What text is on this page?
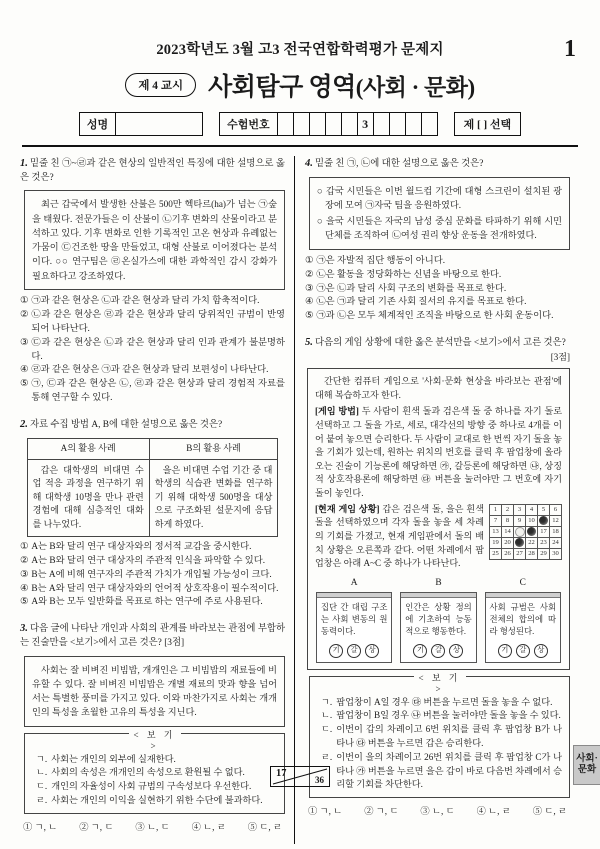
2023학년도 3월 고3 전국연합학력평가 문제지	1
제 4 교시	사회탐구 영역(사회 · 문화)
성명	수험번호	3	제 [ ] 선택
1. 밑줄 친 ㉠~㉣과 같은 현상의 일반적인 특징에 대한 설명으로 옳은 것은?

최근 갑국에서 발생한 산불은 500만 헥타르(ha)가 넘는 ㉠숲을 태웠다. 전문가들은 이 산불이 ㉡기후 변화의 산물이라고 분석하고 있다. 기후 변화로 인한 기록적인 고온 현상과 유례없는 가뭄이 ㉢건조한 땅을 만들었고, 대형 산불로 이어졌다는 분석이다. ○○ 연구팀은 ㉣온실가스에 대한 과학적인 감시 강화가 필요하다고 강조하였다.

① ㉠과 같은 현상은 ㉡과 같은 현상과 달리 가치 함축적이다.
② ㉡과 같은 현상은 ㉣과 같은 현상과 달리 당위적인 규범이 반영되어 나타난다.
③ ㉢과 같은 현상은 ㉡과 같은 현상과 달리 인과 관계가 불분명하다.
④ ㉣과 같은 현상은 ㉠과 같은 현상과 달리 보편성이 나타난다.
⑤ ㉠, ㉢과 같은 현상은 ㉡, ㉣과 같은 현상과 달리 경험적 자료를 통해 연구할 수 있다.
2. 자료 수집 방법 A, B에 대한 설명으로 옳은 것은?
A의 활용 사례	B의 활용 사례
갑은 대학생의 비대면 수업 적응 과정을 연구하기 위해 대학생 10명을 만나 관련 경험에 대해 심층적인 대화를 나누었다.	을은 비대면 수업 기간 중 대학생의 식습관 변화를 연구하기 위해 대학생 500명을 대상으로 구조화된 설문지에 응답하게 하였다.
① A는 B와 달리 연구 대상자와의 정서적 교감을 중시한다.
② A는 B와 달리 연구 대상자의 주관적 인식을 파악할 수 있다.
③ B는 A에 비해 연구자의 주관적 가치가 개입될 가능성이 크다.
④ B는 A와 달리 연구 대상자와의 언어적 상호작용이 필수적이다.
⑤ A와 B는 모두 일반화를 목표로 하는 연구에 주로 사용된다.
3. 다음 글에 나타난 개인과 사회의 관계를 바라보는 관점에 부합하는 진술만을 <보기>에서 고른 것은? [3점]

사회는 잘 비벼진 비빔밥, 개개인은 그 비빔밥의 재료들에 비유할 수 있다. 잘 비벼진 비빔밥은 개별 재료의 맛과 향을 넘어서는 특별한 풍미를 가지고 있다. 이와 마찬가지로 사회는 개개인의 특성을 초월한 고유의 특성을 지닌다.

< 보 기 >
ㄱ. 사회는 개인의 외부에 실재한다.
ㄴ. 사회의 속성은 개개인의 속성으로 환원될 수 없다.
ㄷ. 개인의 자율성이 사회 규범의 구속성보다 우선한다.
ㄹ. 사회는 개인의 이익을 실현하기 위한 수단에 불과하다.
① ㄱ, ㄴ ② ㄱ, ㄷ ③ ㄴ, ㄷ ④ ㄴ, ㄹ ⑤ ㄷ, ㄹ
4. 밑줄 친 ㉠, ㉡에 대한 설명으로 옳은 것은?

○ 갑국 시민들은 이번 월드컵 기간에 대형 스크린이 설치된 광장에 모여 ㉠자국 팀을 응원하였다.

○ 을국 시민들은 자국의 남성 중심 문화를 타파하기 위해 시민 단체를 조직하여 ㉡여성 권리 향상 운동을 전개하였다.

① ㉠은 자발적 집단 행동이 아니다.
② ㉡은 활동을 정당화하는 신념을 바탕으로 한다.
③ ㉠은 ㉡과 달리 사회 구조의 변화를 목표로 한다.
④ ㉡은 ㉠과 달리 기존 사회 질서의 유지를 목표로 한다.
⑤ ㉠과 ㉡은 모두 체계적인 조직을 바탕으로 한 사회 운동이다.
5. 다음의 게임 상황에 대한 옳은 분석만을 <보기>에서 고른 것은?
[3점]

간단한 컴퓨터 게임으로 '사회·문화 현상을 바라보는 관점'에 대해 복습하고자 한다.

[게임 방법] 두 사람이 흰색 돌과 검은색 돌 중 하나를 자기 돌로 선택하고 그 돌을 가로, 세로, 대각선의 방향 중 하나로 4개를 이어 붙여 놓으면 승리한다. 두 사람이 교대로 한 번씩 자기 돌을 놓을 기회가 있는데, 원하는 위치의 번호를 클릭 후 팝업창에 올라오는 진술이 기능론에 해당하면 ㉮, 갈등론에 해당하면 ㉯, 상징적 상호작용론에 해당하면 ㉰ 버튼을 눌러야만 그 번호에 자기 돌이 놓인다.

[현재 게임 상황] 갑은 검은색 돌, 을은 흰색 돌을 선택하였으며 각자 돌을 놓을 세 차례의 기회를 가졌고, 현재 게임판에서 돌의 배치 상황은 오른쪽과 같다. 어떤 차례에서 팝업창은 아래 A~C 중 하나가 나타난다.
1	2	3	4	5	6
7	8	9	10		12
13	14			17	18
19	20		22	23	24
25	26	27	28	29	30
A
집단 간 대립 구조는 사회 변동의 원동력이다.
기	갈	상
B
인간은 상황 정의에 기초하여 능동적으로 행동한다.
기	갈	상
C
사회 규범은 사회 전체의 합의에 따라 형성된다.
기	갈	상
< 보 기 >
ㄱ. 팝업창이 A일 경우 ㉰ 버튼을 누르면 돌을 놓을 수 없다.
ㄴ. 팝업창이 B일 경우 ㉯ 버튼을 눌러야만 돌을 놓을 수 있다.
ㄷ. 이번이 갑의 차례이고 6번 위치를 클릭 후 팝업창 B가 나타나 ㉰ 버튼을 누르면 갑은 승리한다.
ㄹ. 이번이 을의 차례이고 26번 위치를 클릭 후 팝업창 C가 나타나 ㉮ 버튼을 누르면 을은 갑이 바로 다음번 차례에서 승리할 기회를 차단한다.
① ㄱ, ㄴ ② ㄱ, ㄷ ③ ㄴ, ㄷ ④ ㄴ, ㄹ ⑤ ㄷ, ㄹ
17
36
사회·문화
